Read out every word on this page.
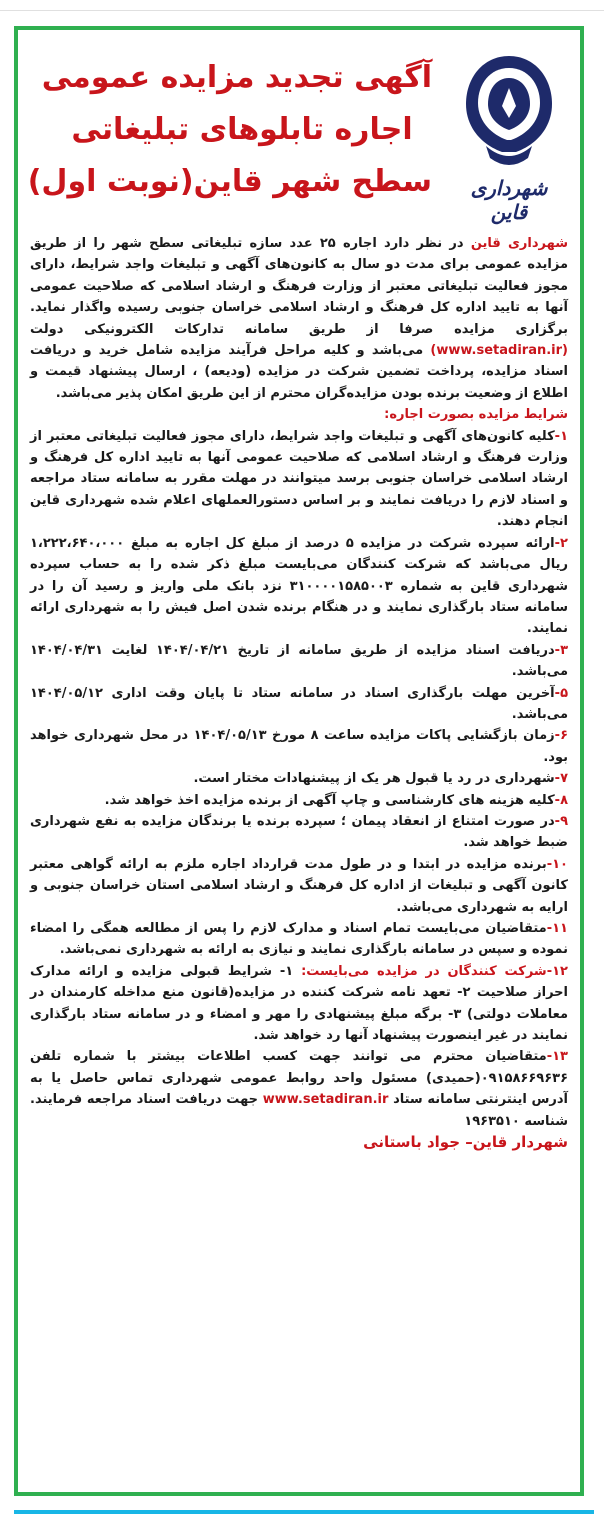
شهرداری قاین
آگهی تجدید مزایده عمومی
اجاره تابلوهای تبلیغاتی
سطح شهر قاین(نوبت اول)

شهرداری قاین در نظر دارد اجاره ۲۵ عدد سازه تبلیغاتی سطح شهر را از طریق مزایده عمومی برای مدت دو سال به کانون‌های آگهی و تبلیغات واجد شرایط، دارای مجوز فعالیت تبلیغاتی معتبر از وزارت فرهنگ و ارشاد اسلامی که صلاحیت عمومی آنها به تایید اداره کل فرهنگ و ارشاد اسلامی خراسان جنوبی رسیده واگذار نماید. برگزاری مزایده صرفا از طریق سامانه تدارکات الکترونیکی دولت (www.setadiran.ir) می‌باشد و کلیه مراحل فرآیند مزایده شامل خرید و دریافت اسناد مزایده، پرداخت تضمین شرکت در مزایده (ودیعه) ، ارسال پیشنهاد قیمت و اطلاع از وضعیت برنده بودن مزایده‌گران محترم از این طریق امکان پذیر می‌باشد.

شرایط مزایده بصورت اجاره:

۱-کلیه کانون‌های آگهی و تبلیغات واجد شرایط، دارای مجوز فعالیت تبلیغاتی معتبر از وزارت فرهنگ و ارشاد اسلامی که صلاحیت عمومی آنها به تایید اداره کل فرهنگ و ارشاد اسلامی خراسان جنوبی برسد میتوانند در مهلت مقرر به سامانه ستاد مراجعه و اسناد لازم را دریافت نمایند و بر اساس دستورالعملهای اعلام شده شهرداری قاین انجام دهند.

۲-ارائه سپرده شرکت در مزایده ۵ درصد از مبلغ کل اجاره به مبلغ ۱،۲۲۲،۶۴۰،۰۰۰ ریال می‌باشد که شرکت کنندگان می‌بایست مبلغ ذکر شده را به حساب سپرده شهرداری قاین به شماره ۳۱۰۰۰۰۱۵۸۵۰۰۳ نزد بانک ملی واریز و رسید آن را در سامانه ستاد بارگذاری نمایند و در هنگام برنده شدن اصل فیش را به شهرداری ارائه نمایند.

۳-دریافت اسناد مزایده از طریق سامانه از تاریخ ۱۴۰۴/۰۴/۲۱ لغایت ۱۴۰۴/۰۴/۳۱ می‌باشد.

۵-آخرین مهلت بارگذاری اسناد در سامانه ستاد تا پایان وقت اداری ۱۴۰۴/۰۵/۱۲ می‌باشد.

۶-زمان بازگشایی پاکات مزایده ساعت ۸ مورخ ۱۴۰۴/۰۵/۱۳ در محل شهرداری خواهد بود.

۷-شهرداری در رد یا قبول هر یک از پیشنهادات مختار است.

۸-کلیه هزینه های کارشناسی و چاپ آگهی از برنده مزایده اخذ خواهد شد.

۹-در صورت امتناع از انعقاد پیمان ؛ سپرده برنده یا برندگان مزایده به نفع شهرداری ضبط خواهد شد.

۱۰-برنده مزایده در ابتدا و در طول مدت قرارداد اجاره ملزم به ارائه گواهی معتبر کانون آگهی و تبلیغات از اداره کل فرهنگ و ارشاد اسلامی استان خراسان جنوبی و ارایه به شهرداری می‌باشد.

۱۱-متقاضیان می‌بایست تمام اسناد و مدارک لازم را پس از مطالعه همگی را امضاء نموده و سپس در سامانه بارگذاری نمایند و نیازی به ارائه به شهرداری نمی‌باشد.

۱۲-شرکت کنندگان در مزایده می‌بایست: ۱- شرایط قبولی مزایده و ارائه مدارک احراز صلاحیت ۲- تعهد نامه شرکت کننده در مزایده(قانون منع مداخله کارمندان در معاملات دولتی) ۳- برگه مبلغ پیشنهادی را مهر و امضاء و در سامانه ستاد بارگذاری نمایند در غیر اینصورت پیشنهاد آنها رد خواهد شد.

۱۳-متقاضیان محترم می توانند جهت کسب اطلاعات بیشتر با شماره تلفن ۰۹۱۵۸۶۶۹۶۳۶(حمیدی) مسئول واحد روابط عمومی شهرداری تماس حاصل یا به آدرس اینترنتی سامانه ستاد www.setadiran.ir جهت دریافت اسناد مراجعه فرمایند. شناسه ۱۹۶۳۵۱۰

شهردار قاین– جواد باستانی
